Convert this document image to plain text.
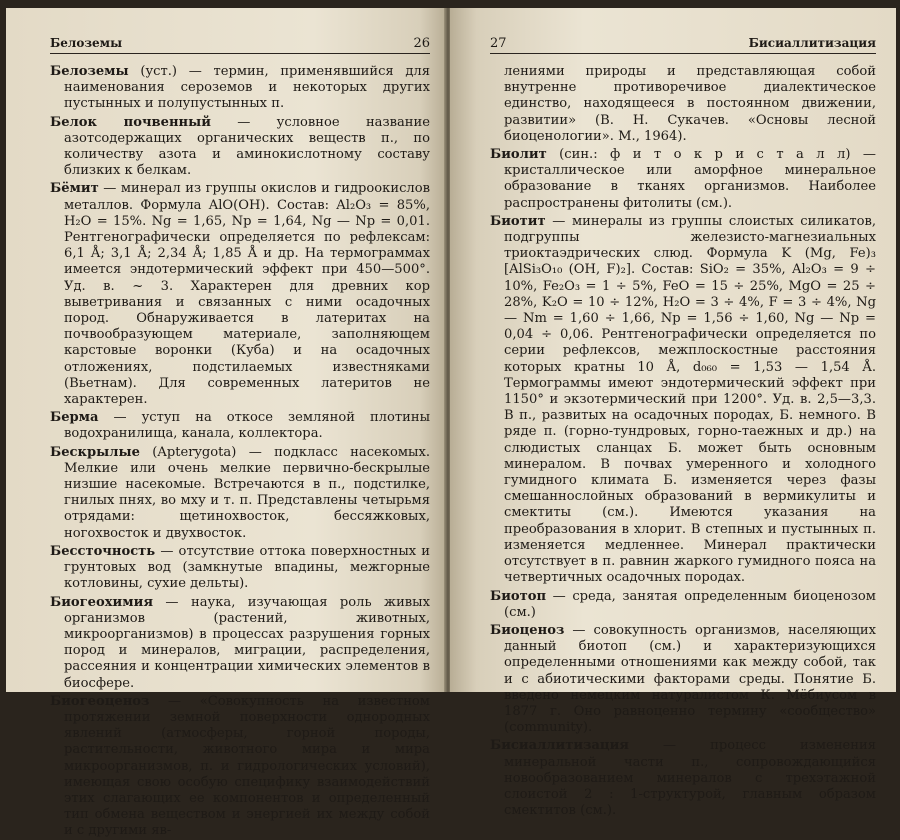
Белоземы	26

Белоземы (уст.) — термин, применявшийся для наименования сероземов и некоторых других пустынных и полупустынных п.

Белок почвенный — условное название азотсодержащих органических веществ п., по количеству азота и аминокислотному составу близких к белкам.

Бёмит — минерал из группы окислов и гидроокислов металлов. Формула AlO(OH). Состав: Al₂O₃ = 85%, H₂O = 15%. Ng = 1,65, Np = 1,64, Ng — Np = 0,01. Рентгенографически определяется по рефлексам: 6,1 Å; 3,1 Å; 2,34 Å; 1,85 Å и др. На термограммах имеется эндотермический эффект при 450—500°. Уд. в. ~ 3. Характерен для древних кор выветривания и связанных с ними осадочных пород. Обнаруживается в латеритах на почвообразующем материале, заполняющем карстовые воронки (Куба) и на осадочных отложениях, подстилаемых известняками (Вьетнам). Для современных латеритов не характерен.

Берма — уступ на откосе земляной плотины водохранилища, канала, коллектора.

Бескрылые (Apterygota) — подкласс насекомых. Мелкие или очень мелкие первично-бескрылые низшие насекомые. Встречаются в п., подстилке, гнилых пнях, во мху и т. п. Представлены четырьмя отрядами: щетинохвосток, бессяжковых, ногохвосток и двухвосток.

Бессточность — отсутствие оттока поверхностных и грунтовых вод (замкнутые впадины, межгорные котловины, сухие дельты).

Биогеохимия — наука, изучающая роль живых организмов (растений, животных, микроорганизмов) в процессах разрушения горных пород и минералов, миграции, распределения, рассеяния и концентрации химических элементов в биосфере.

Биогеоценоз — «Совокупность на известном протяжении земной поверхности однородных явлений (атмосферы, горной породы, растительности, животного мира и мира микроорганизмов, п. и гидрологических условий), имеющая свою особую специфику взаимодействий этих слагающих ее компонентов и определенный тип обмена веществом и энергией их между собой и с другими яв-

27	Бисиаллитизация

лениями природы и представляющая собой внутренне противоречивое диалектическое единство, находящееся в постоянном движении, развитии» (В. Н. Сукачев. «Основы лесной биоценологии». М., 1964).

Биолит (син.: ф и т о к р и с т а л л) — кристаллическое или аморфное минеральное образование в тканях организмов. Наиболее распространены фитолиты (см.).

Биотит — минералы из группы слоистых силикатов, подгруппы железисто-магнезиальных триоктаэдрических слюд. Формула K (Mg, Fe)₃ [AlSi₃O₁₀ (OH, F)₂]. Состав: SiO₂ = 35%, Al₂O₃ = 9 ÷ 10%, Fe₂O₃ = 1 ÷ 5%, FeO = 15 ÷ 25%, MgO = 25 ÷ 28%, K₂O = 10 ÷ 12%, H₂O = 3 ÷ 4%, F = 3 ÷ 4%, Ng — Nm = 1,60 ÷ 1,66, Np = 1,56 ÷ 1,60, Ng — Np = 0,04 ÷ 0,06. Рентгенографически определяется по серии рефлексов, межплоскостные расстояния которых кратны 10 Å, d₀₆₀ = 1,53 — 1,54 Å. Термограммы имеют эндотермический эффект при 1150° и экзотермический при 1200°. Уд. в. 2,5—3,3. В п., развитых на осадочных породах, Б. немного. В ряде п. (горно-тундровых, горно-таежных и др.) на слюдистых сланцах Б. может быть основным минералом. В почвах умеренного и холодного гумидного климата Б. изменяется через фазы смешаннослойных образований в вермикулиты и смектиты (см.). Имеются указания на преобразования в хлорит. В степных и пустынных п. изменяется медленнее. Минерал практически отсутствует в п. равнин жаркого гумидного пояса на четвертичных осадочных породах.

Биотоп — среда, занятая определенным биоценозом (см.)

Биоценоз — совокупность организмов, населяющих данный биотоп (см.) и характеризующихся определенными отношениями как между собой, так и с абиотическими факторами среды. Понятие Б. введено немецким натуралистом К. Мёбиусом в 1877 г. Оно равноценно термину «сообщество» (community).

Бисиаллитизация — процесс изменения минеральной части п., сопровождающийся новообразованием минералов с трехэтажной слоистой 2 : 1-структурой, главным образом смектитов (см.).
